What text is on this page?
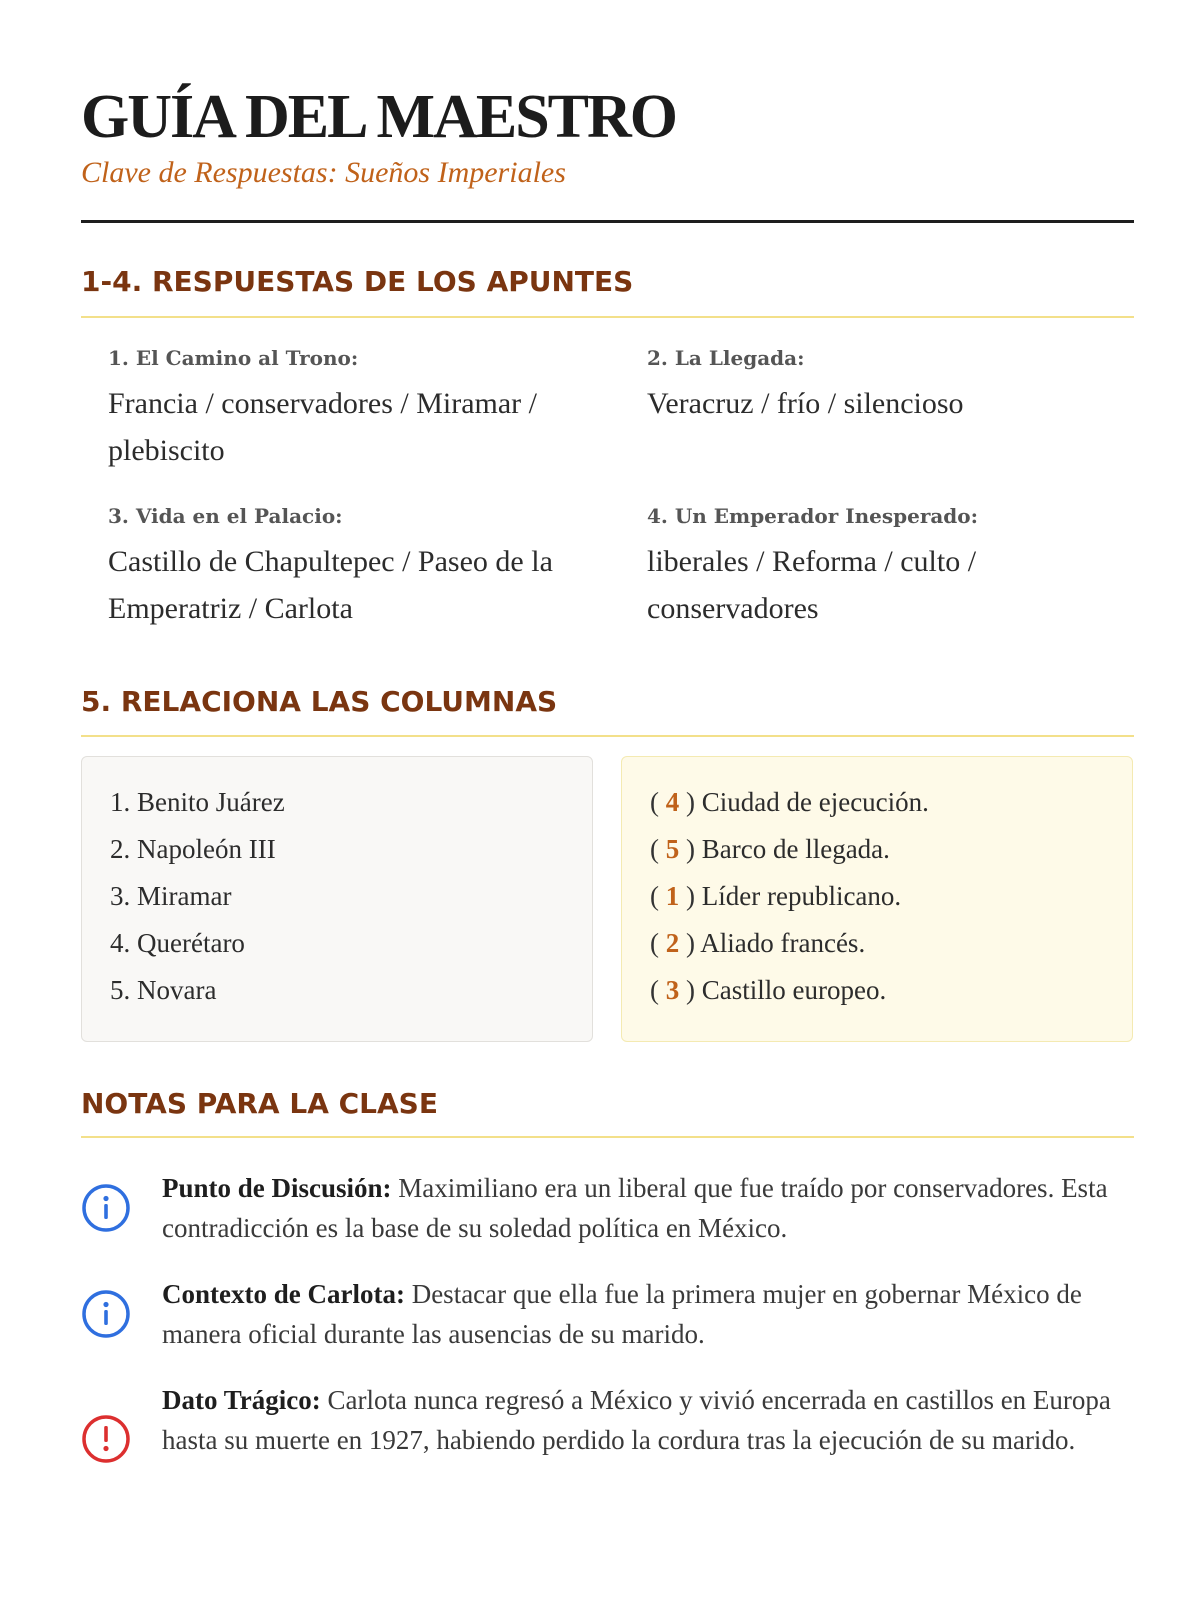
GUÍA DEL MAESTRO
Clave de Respuestas: Sueños Imperiales
1-4. RESPUESTAS DE LOS APUNTES
1. El Camino al Trono:
Francia / conservadores / Miramar / plebiscito
2. La Llegada:
Veracruz / frío / silencioso
3. Vida en el Palacio:
Castillo de Chapultepec / Paseo de la Emperatriz / Carlota
4. Un Emperador Inesperado:
liberales / Reforma / culto / conservadores
5. RELACIONA LAS COLUMNAS
1. Benito Juárez
2. Napoleón III
3. Miramar
4. Querétaro
5. Novara
( 4 ) Ciudad de ejecución.
( 5 ) Barco de llegada.
( 1 ) Líder republicano.
( 2 ) Aliado francés.
( 3 ) Castillo europeo.
NOTAS PARA LA CLASE
Punto de Discusión: Maximiliano era un liberal que fue traído por conservadores. Esta contradicción es la base de su soledad política en México.
Contexto de Carlota: Destacar que ella fue la primera mujer en gobernar México de manera oficial durante las ausencias de su marido.
Dato Trágico: Carlota nunca regresó a México y vivió encerrada en castillos en Europa hasta su muerte en 1927, habiendo perdido la cordura tras la ejecución de su marido.
